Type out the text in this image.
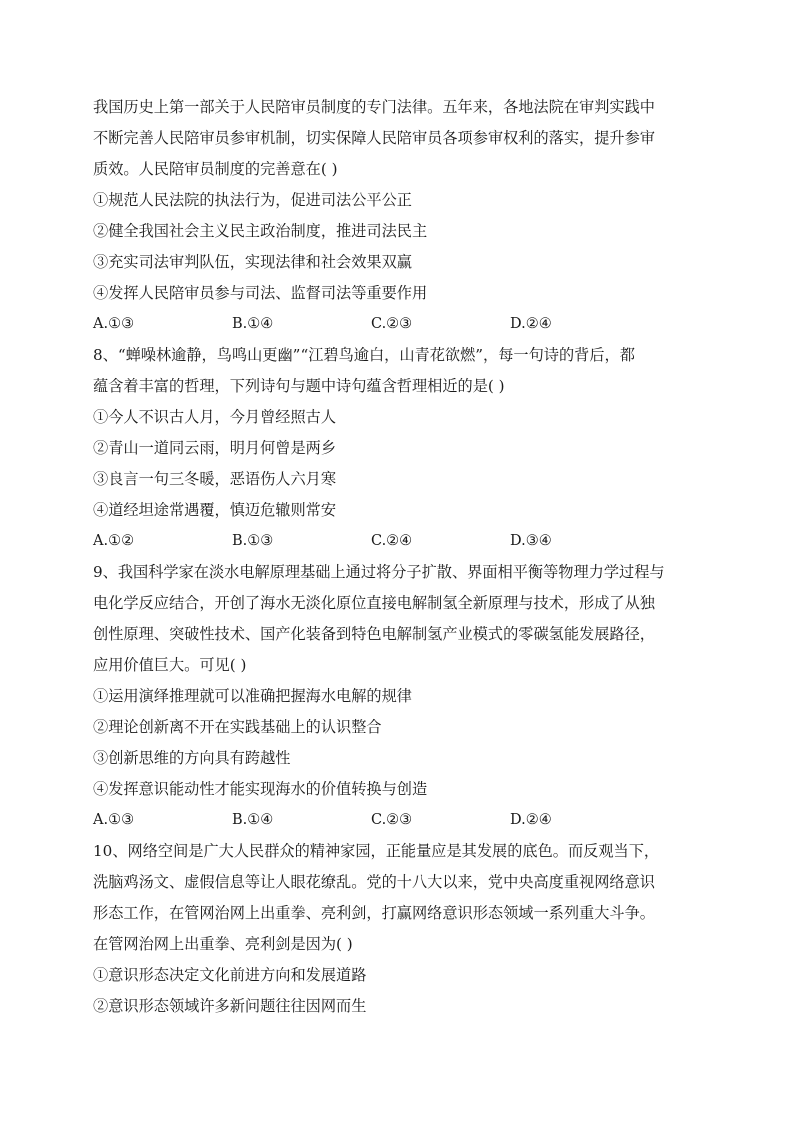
我国历史上第一部关于人民陪审员制度的专门法律。五年来，各地法院在审判实践中
不断完善人民陪审员参审机制，切实保障人民陪审员各项参审权利的落实，提升参审
质效。人民陪审员制度的完善意在( )
①规范人民法院的执法行为，促进司法公平公正
②健全我国社会主义民主政治制度，推进司法民主
③充实司法审判队伍，实现法律和社会效果双赢
④发挥人民陪审员参与司法、监督司法等重要作用
A.①③	B.①④	C.②③	D.②④
8、“蝉噪林逾静，鸟鸣山更幽”“江碧鸟逾白，山青花欲燃”，每一句诗的背后，都
蕴含着丰富的哲理，下列诗句与题中诗句蕴含哲理相近的是( )
①今人不识古人月，今月曾经照古人
②青山一道同云雨，明月何曾是两乡
③良言一句三冬暖，恶语伤人六月寒
④道经坦途常遇覆，慎迈危辙则常安
A.①②	B.①③	C.②④	D.③④
9、我国科学家在淡水电解原理基础上通过将分子扩散、界面相平衡等物理力学过程与
电化学反应结合，开创了海水无淡化原位直接电解制氢全新原理与技术，形成了从独
创性原理、突破性技术、国产化装备到特色电解制氢产业模式的零碳氢能发展路径，
应用价值巨大。可见( )
①运用演绎推理就可以准确把握海水电解的规律
②理论创新离不开在实践基础上的认识整合
③创新思维的方向具有跨越性
④发挥意识能动性才能实现海水的价值转换与创造
A.①③	B.①④	C.②③	D.②④
10、网络空间是广大人民群众的精神家园，正能量应是其发展的底色。而反观当下，
洗脑鸡汤文、虚假信息等让人眼花缭乱。党的十八大以来，党中央高度重视网络意识
形态工作，在管网治网上出重拳、亮利剑，打赢网络意识形态领域一系列重大斗争。
在管网治网上出重拳、亮利剑是因为( )
①意识形态决定文化前进方向和发展道路
②意识形态领域许多新问题往往因网而生
